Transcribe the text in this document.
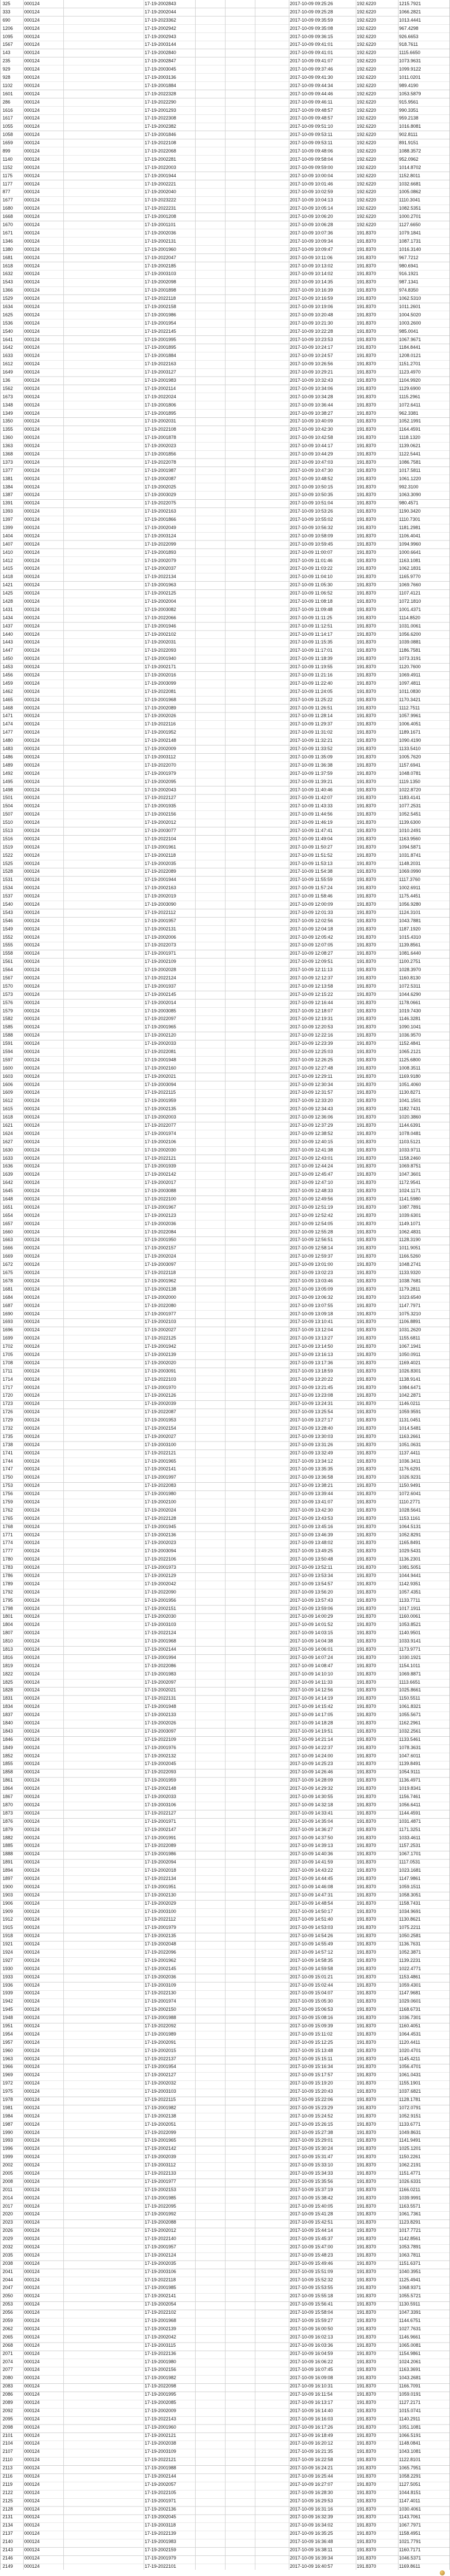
325	000124	17-19-2002843	2017-10-09 09:25:26	192.6220	1215.7921
333	000124	17-19-2002044	2017-10-09 09:25:28	192.6220	1066.2821
690	000124	17-19-2023362	2017-10-09 09:35:59	192.6220	1013.4441
1206	000124	17-19-2002942	2017-10-09 09:35:08	192.6220	967.4298
1095	000124	17-19-2002943	2017-10-09 09:36:15	192.6220	926.6653
1567	000124	17-19-2003144	2017-10-09 09:41:01	192.6220	918.7611
143	000124	17-19-2002840	2017-10-09 09:41:01	192.6220	1115.6650
235	000124	17-19-2002847	2017-10-09 09:41:07	192.6220	1073.9631
929	000124	17-19-2003045	2017-10-09 09:37:46	192.6220	1099.9122
928	000124	17-19-2003136	2017-10-09 09:41:30	192.6220	1011.0201
1102	000124	17-19-2001884	2017-10-09 09:44:34	192.6220	989.4190
1601	000124	17-19-2022328	2017-10-09 09:44:46	192.6220	1053.5879
286	000124	17-19-2022290	2017-10-09 09:46:11	192.6220	915.9561
1616	000124	17-19-2001293	2017-10-09 09:48:57	192.6220	990.3351
1617	000124	17-19-2022308	2017-10-09 09:48:57	192.6220	959.2138
1055	000124	17-19-2002382	2017-10-09 09:51:10	192.6220	1016.8081
1058	000124	17-19-2001846	2017-10-09 09:53:11	192.6220	902.8111
1659	000124	17-19-2022108	2017-10-09 09:53:11	192.6220	891.9151
899	000124	17-19-2022068	2017-10-09 09:48:06	192.6220	1088.3572
1140	000124	17-19-2002281	2017-10-09 09:58:04	192.6220	952.0962
1152	000124	17-19-2022003	2017-10-09 09:59:00	192.6220	1014.8702
1175	000124	17-19-2001944	2017-10-09 10:00:04	192.6220	1152.8011
1177	000124	17-19-2002221	2017-10-09 10:01:46	192.6220	1032.6681
877	000124	17-19-2002040	2017-10-09 10:02:59	192.6220	1005.0862
1677	000124	17-19-2023222	2017-10-09 10:04:13	192.6220	1110.3041
1680	000124	17-19-2022231	2017-10-09 10:05:14	192.6220	1082.5351
1668	000124	17-19-2001208	2017-10-09 10:06:20	192.6220	1000.2701
1670	000124	17-19-2001101	2017-10-09 10:06:28	192.6220	1127.6650
1671	000124	17-19-2002036	2017-10-09 10:07:36	191.8370	1079.1841
1346	000124	17-19-2002131	2017-10-09 10:09:34	191.8370	1087.1731
1380	000124	17-19-2001960	2017-10-09 10:09:47	191.8370	1016.3140
1681	000124	17-19-2022047	2017-10-09 10:11:06	191.8370	967.7212
1618	000124	17-19-2002185	2017-10-09 10:13:02	191.8370	980.6941
1632	000124	17-19-2003103	2017-10-09 10:14:02	191.8370	916.1921
1543	000124	17-19-2002098	2017-10-09 10:14:35	191.8370	987.1341
1366	000124	17-19-2001898	2017-10-09 10:16:39	191.8370	974.8350
1529	000124	17-19-2022118	2017-10-09 10:16:59	191.8370	1062.5310
1634	000124	17-19-2002158	2017-10-09 10:19:06	191.8370	1011.2601
1625	000124	17-19-2001986	2017-10-09 10:20:48	191.8370	1004.5020
1536	000124	17-19-2001954	2017-10-09 10:21:30	191.8370	1003.2600
1540	000124	17-19-2022145	2017-10-09 10:22:28	191.8370	985.0041
1641	000124	17-19-2001995	2017-10-09 10:23:53	191.8370	1067.9671
1642	000124	17-19-2001895	2017-10-09 10:24:17	191.8370	1184.8441
1633	000124	17-19-2001884	2017-10-09 10:24:57	191.8370	1208.0121
1612	000124	17-19-2022163	2017-10-09 10:26:56	191.8370	1151.2701
1649	000124	17-19-2003127	2017-10-09 10:29:21	191.8370	1123.4970
136	000124	17-19-2001983	2017-10-09 10:32:43	191.8370	1104.9920
1562	000124	17-19-2002114	2017-10-09 10:34:06	191.8370	1129.6900
1673	000124	17-19-2022024	2017-10-09 10:34:28	191.8370	1115.2961
1348	000124	17-19-2001806	2017-10-09 10:36:44	191.8370	1072.6411
1349	000124	17-19-2001895	2017-10-09 10:38:27	191.8370	962.3381
1350	000124	17-19-2002031	2017-10-09 10:40:09	191.8370	1052.1991
1355	000124	17-19-2022108	2017-10-09 10:42:30	191.8370	1164.4591
1360	000124	17-19-2001878	2017-10-09 10:42:58	191.8370	1118.1320
1363	000124	17-19-2002023	2017-10-09 10:44:17	191.8370	1139.0621
1368	000124	17-19-2001856	2017-10-09 10:44:29	191.8370	1122.5441
1373	000124	17-19-2022078	2017-10-09 10:47:03	191.8370	1086.7581
1377	000124	17-19-2001987	2017-10-09 10:47:30	191.8370	1017.5811
1381	000124	17-19-2002087	2017-10-09 10:48:52	191.8370	1061.1220
1384	000124	17-19-2002025	2017-10-09 10:50:15	191.8370	992.3100
1387	000124	17-19-2003029	2017-10-09 10:50:35	191.8370	1063.3090
1391	000124	17-19-2022075	2017-10-09 10:51:04	191.8370	980.4571
1393	000124	17-19-2002163	2017-10-09 10:53:26	191.8370	1190.3420
1397	000124	17-19-2001866	2017-10-09 10:55:02	191.8370	1110.7301
1399	000124	17-19-2002049	2017-10-09 10:56:32	191.8370	1181.2981
1404	000124	17-19-2003124	2017-10-09 10:58:09	191.8370	1106.4041
1407	000124	17-19-2022099	2017-10-09 10:59:45	191.8370	1094.9960
1410	000124	17-19-2001893	2017-10-09 11:00:07	191.8370	1000.6641
1412	000124	17-19-2002079	2017-10-09 11:01:46	191.8370	1163.1081
1415	000124	17-19-2002037	2017-10-09 11:03:22	191.8370	1062.1831
1418	000124	17-19-2022134	2017-10-09 11:04:10	191.8370	1165.9770
1421	000124	17-19-2001963	2017-10-09 11:05:30	191.8370	1069.7660
1425	000124	17-19-2002125	2017-10-09 11:06:52	191.8370	1107.4121
1428	000124	17-19-2002004	2017-10-09 11:08:18	191.8370	1072.1810
1431	000124	17-19-2003082	2017-10-09 11:09:48	191.8370	1001.4371
1434	000124	17-19-2022066	2017-10-09 11:11:25	191.8370	1114.8520
1437	000124	17-19-2001946	2017-10-09 11:12:51	191.8370	1031.0061
1440	000124	17-19-2002102	2017-10-09 11:14:17	191.8370	1056.6200
1443	000124	17-19-2002031	2017-10-09 11:15:35	191.8370	1039.0881
1447	000124	17-19-2022093	2017-10-09 11:17:01	191.8370	1186.7581
1450	000124	17-19-2001940	2017-10-09 11:18:39	191.8370	1073.3191
1453	000124	17-19-2002171	2017-10-09 11:19:55	191.8370	1120.7600
1456	000124	17-19-2002016	2017-10-09 11:21:16	191.8370	1069.4911
1459	000124	17-19-2003099	2017-10-09 11:22:40	191.8370	1097.4811
1462	000124	17-19-2022081	2017-10-09 11:24:05	191.8370	1011.0830
1465	000124	17-19-2001968	2017-10-09 11:25:22	191.8370	1170.3421
1468	000124	17-19-2002089	2017-10-09 11:26:51	191.8370	1112.7511
1471	000124	17-19-2002026	2017-10-09 11:28:14	191.8370	1057.9961
1474	000124	17-19-2022116	2017-10-09 11:29:37	191.8370	1006.4051
1477	000124	17-19-2001952	2017-10-09 11:31:02	191.8370	1189.1671
1480	000124	17-19-2002148	2017-10-09 11:32:21	191.8370	1090.4190
1483	000124	17-19-2002009	2017-10-09 11:33:52	191.8370	1133.5410
1486	000124	17-19-2003112	2017-10-09 11:35:09	191.8370	1005.7620
1489	000124	17-19-2022070	2017-10-09 11:36:38	191.8370	1157.6941
1492	000124	17-19-2001979	2017-10-09 11:37:59	191.8370	1048.0781
1495	000124	17-19-2002095	2017-10-09 11:39:21	191.8370	1119.1350
1498	000124	17-19-2002043	2017-10-09 11:40:46	191.8370	1022.8720
1501	000124	17-19-2022127	2017-10-09 11:42:07	191.8370	1183.4141
1504	000124	17-19-2001935	2017-10-09 11:43:33	191.8370	1077.2531
1507	000124	17-19-2002156	2017-10-09 11:44:56	191.8370	1052.5451
1510	000124	17-19-2002012	2017-10-09 11:46:19	191.8370	1139.6300
1513	000124	17-19-2003077	2017-10-09 11:47:41	191.8370	1010.2491
1516	000124	17-19-2022104	2017-10-09 11:49:04	191.8370	1163.9560
1519	000124	17-19-2001961	2017-10-09 11:50:27	191.8370	1094.5871
1522	000124	17-19-2002118	2017-10-09 11:51:52	191.8370	1031.8741
1525	000124	17-19-2002035	2017-10-09 11:53:13	191.8370	1148.2031
1528	000124	17-19-2022089	2017-10-09 11:54:38	191.8370	1069.0990
1531	000124	17-19-2001944	2017-10-09 11:55:59	191.8370	1117.3760
1534	000124	17-19-2002163	2017-10-09 11:57:24	191.8370	1002.6911
1537	000124	17-19-2002019	2017-10-09 11:58:46	191.8370	1175.4451
1540	000124	17-19-2003090	2017-10-09 12:00:09	191.8370	1056.9280
1543	000124	17-19-2022112	2017-10-09 12:01:33	191.8370	1124.3101
1546	000124	17-19-2001957	2017-10-09 12:02:56	191.8370	1043.7881
1549	000124	17-19-2002131	2017-10-09 12:04:18	191.8370	1187.1920
1552	000124	17-19-2002006	2017-10-09 12:05:42	191.8370	1015.4310
1555	000124	17-19-2022073	2017-10-09 12:07:05	191.8370	1139.8561
1558	000124	17-19-2001971	2017-10-09 12:08:27	191.8370	1081.6440
1561	000124	17-19-2002109	2017-10-09 12:09:51	191.8370	1100.2751
1564	000124	17-19-2002028	2017-10-09 12:11:13	191.8370	1028.3970
1567	000124	17-19-2022124	2017-10-09 12:12:37	191.8370	1160.8130
1570	000124	17-19-2001937	2017-10-09 12:13:58	191.8370	1072.5311
1573	000124	17-19-2002145	2017-10-09 12:15:22	191.8370	1044.6290
1576	000124	17-19-2002014	2017-10-09 12:16:44	191.8370	1178.0661
1579	000124	17-19-2003085	2017-10-09 12:18:07	191.8370	1019.7430
1582	000124	17-19-2022097	2017-10-09 12:19:31	191.8370	1146.3281
1585	000124	17-19-2001965	2017-10-09 12:20:53	191.8370	1090.1041
1588	000124	17-19-2002120	2017-10-09 12:22:16	191.8370	1036.9570
1591	000124	17-19-2002033	2017-10-09 12:23:39	191.8370	1152.4841
1594	000124	17-19-2022081	2017-10-09 12:25:03	191.8370	1065.2121
1597	000124	17-19-2001948	2017-10-09 12:26:25	191.8370	1125.6800
1600	000124	17-19-2002160	2017-10-09 12:27:48	191.8370	1008.3511
1603	000124	17-19-2002021	2017-10-09 12:29:11	191.8370	1169.9180
1606	000124	17-19-2003094	2017-10-09 12:30:34	191.8370	1051.4060
1609	000124	17-19-2022115	2017-10-09 12:31:57	191.8370	1130.8271
1612	000124	17-19-2001959	2017-10-09 12:33:20	191.8370	1041.1501
1615	000124	17-19-2002135	2017-10-09 12:34:43	191.8370	1182.7431
1618	000124	17-19-2002003	2017-10-09 12:36:06	191.8370	1020.3860
1621	000124	17-19-2022077	2017-10-09 12:37:29	191.8370	1144.6391
1624	000124	17-19-2001974	2017-10-09 12:38:52	191.8370	1078.0481
1627	000124	17-19-2002106	2017-10-09 12:40:15	191.8370	1103.5121
1630	000124	17-19-2002030	2017-10-09 12:41:38	191.8370	1033.9711
1633	000124	17-19-2022121	2017-10-09 12:43:01	191.8370	1158.2460
1636	000124	17-19-2001939	2017-10-09 12:44:24	191.8370	1069.8751
1639	000124	17-19-2002142	2017-10-09 12:45:47	191.8370	1047.3601
1642	000124	17-19-2002017	2017-10-09 12:47:10	191.8370	1172.9541
1645	000124	17-19-2003088	2017-10-09 12:48:33	191.8370	1024.1171
1648	000124	17-19-2022100	2017-10-09 12:49:56	191.8370	1141.5980
1651	000124	17-19-2001967	2017-10-09 12:51:19	191.8370	1087.7891
1654	000124	17-19-2002123	2017-10-09 12:52:42	191.8370	1039.6301
1657	000124	17-19-2002036	2017-10-09 12:54:05	191.8370	1149.1071
1660	000124	17-19-2022084	2017-10-09 12:55:28	191.8370	1062.4831
1663	000124	17-19-2001950	2017-10-09 12:56:51	191.8370	1128.3190
1666	000124	17-19-2002157	2017-10-09 12:58:14	191.8370	1011.9051
1669	000124	17-19-2002024	2017-10-09 12:59:37	191.8370	1166.5260
1672	000124	17-19-2003097	2017-10-09 13:01:00	191.8370	1048.2741
1675	000124	17-19-2022118	2017-10-09 13:02:23	191.8370	1133.9320
1678	000124	17-19-2001962	2017-10-09 13:03:46	191.8370	1038.7681
1681	000124	17-19-2002138	2017-10-09 13:05:09	191.8370	1179.2811
1684	000124	17-19-2002000	2017-10-09 13:06:32	191.8370	1023.6540
1687	000124	17-19-2022080	2017-10-09 13:07:55	191.8370	1147.7971
1690	000124	17-19-2001977	2017-10-09 13:09:18	191.8370	1075.3210
1693	000124	17-19-2002103	2017-10-09 13:10:41	191.8370	1106.8891
1696	000124	17-19-2002027	2017-10-09 13:12:04	191.8370	1031.2620
1699	000124	17-19-2022125	2017-10-09 13:13:27	191.8370	1155.6811
1702	000124	17-19-2001942	2017-10-09 13:14:50	191.8370	1067.1941
1705	000124	17-19-2002139	2017-10-09 13:16:13	191.8370	1050.0911
1708	000124	17-19-2002020	2017-10-09 13:17:36	191.8370	1169.4021
1711	000124	17-19-2003091	2017-10-09 13:18:59	191.8370	1026.8301
1714	000124	17-19-2022103	2017-10-09 13:20:22	191.8370	1138.9141
1717	000124	17-19-2001970	2017-10-09 13:21:45	191.8370	1084.6471
1720	000124	17-19-2002126	2017-10-09 13:23:08	191.8370	1042.2871
1723	000124	17-19-2002039	2017-10-09 13:24:31	191.8370	1146.0211
1726	000124	17-19-2022087	2017-10-09 13:25:54	191.8370	1059.9591
1729	000124	17-19-2001953	2017-10-09 13:27:17	191.8370	1131.0451
1732	000124	17-19-2002154	2017-10-09 13:28:40	191.8370	1014.5481
1735	000124	17-19-2002027	2017-10-09 13:30:03	191.8370	1163.2661
1738	000124	17-19-2003100	2017-10-09 13:31:26	191.8370	1051.0631
1741	000124	17-19-2022121	2017-10-09 13:32:49	191.8370	1137.4411
1744	000124	17-19-2001965	2017-10-09 13:34:12	191.8370	1036.3411
1747	000124	17-19-2002141	2017-10-09 13:35:35	191.8370	1176.6291
1750	000124	17-19-2001997	2017-10-09 13:36:58	191.8370	1026.9231
1753	000124	17-19-2022083	2017-10-09 13:38:21	191.8370	1150.9491
1756	000124	17-19-2001980	2017-10-09 13:39:44	191.8370	1072.6041
1759	000124	17-19-2002100	2017-10-09 13:41:07	191.8370	1110.2771
1762	000124	17-19-2002024	2017-10-09 13:42:30	191.8370	1028.5641
1765	000124	17-19-2022128	2017-10-09 13:43:53	191.8370	1153.1161
1768	000124	17-19-2001945	2017-10-09 13:45:16	191.8370	1064.5131
1771	000124	17-19-2002136	2017-10-09 13:46:39	191.8370	1052.8291
1774	000124	17-19-2002023	2017-10-09 13:48:02	191.8370	1165.8491
1777	000124	17-19-2003094	2017-10-09 13:49:25	191.8370	1029.5431
1780	000124	17-19-2022106	2017-10-09 13:50:48	191.8370	1136.2301
1783	000124	17-19-2001973	2017-10-09 13:52:11	191.8370	1081.5051
1786	000124	17-19-2002129	2017-10-09 13:53:34	191.8370	1044.9441
1789	000124	17-19-2002042	2017-10-09 13:54:57	191.8370	1142.9351
1792	000124	17-19-2022090	2017-10-09 13:56:20	191.8370	1057.4351
1795	000124	17-19-2001956	2017-10-09 13:57:43	191.8370	1133.7711
1798	000124	17-19-2002151	2017-10-09 13:59:06	191.8370	1017.1911
1801	000124	17-19-2002030	2017-10-09 14:00:29	191.8370	1160.0061
1804	000124	17-19-2003103	2017-10-09 14:01:52	191.8370	1053.8521
1807	000124	17-19-2022124	2017-10-09 14:03:15	191.8370	1140.9501
1810	000124	17-19-2001968	2017-10-09 14:04:38	191.8370	1033.9141
1813	000124	17-19-2002144	2017-10-09 14:06:01	191.8370	1173.9771
1816	000124	17-19-2001994	2017-10-09 14:07:24	191.8370	1030.1921
1819	000124	17-19-2022086	2017-10-09 14:08:47	191.8370	1154.1011
1822	000124	17-19-2001983	2017-10-09 14:10:10	191.8370	1069.8871
1825	000124	17-19-2002097	2017-10-09 14:11:33	191.8370	1113.6651
1828	000124	17-19-2002021	2017-10-09 14:12:56	191.8370	1025.8661
1831	000124	17-19-2022131	2017-10-09 14:14:19	191.8370	1150.5511
1834	000124	17-19-2001948	2017-10-09 14:15:42	191.8370	1061.8321
1837	000124	17-19-2002133	2017-10-09 14:17:05	191.8370	1055.5671
1840	000124	17-19-2002026	2017-10-09 14:18:28	191.8370	1162.2961
1843	000124	17-19-2003097	2017-10-09 14:19:51	191.8370	1032.2561
1846	000124	17-19-2022109	2017-10-09 14:21:14	191.8370	1133.5461
1849	000124	17-19-2001976	2017-10-09 14:22:37	191.8370	1078.3631
1852	000124	17-19-2002132	2017-10-09 14:24:00	191.8370	1047.6011
1855	000124	17-19-2002045	2017-10-09 14:25:23	191.8370	1139.8491
1858	000124	17-19-2022093	2017-10-09 14:26:46	191.8370	1054.9111
1861	000124	17-19-2001959	2017-10-09 14:28:09	191.8370	1136.4971
1864	000124	17-19-2002148	2017-10-09 14:29:32	191.8370	1019.8341
1867	000124	17-19-2002033	2017-10-09 14:30:55	191.8370	1156.7461
1870	000124	17-19-2003106	2017-10-09 14:32:18	191.8370	1056.6411
1873	000124	17-19-2022127	2017-10-09 14:33:41	191.8370	1144.4591
1876	000124	17-19-2001971	2017-10-09 14:35:04	191.8370	1031.4871
1879	000124	17-19-2002147	2017-10-09 14:36:27	191.8370	1171.3251
1882	000124	17-19-2001991	2017-10-09 14:37:50	191.8370	1033.4611
1885	000124	17-19-2022089	2017-10-09 14:39:13	191.8370	1157.2531
1888	000124	17-19-2001986	2017-10-09 14:40:36	191.8370	1067.1701
1891	000124	17-19-2002094	2017-10-09 14:41:59	191.8370	1117.0531
1894	000124	17-19-2002018	2017-10-09 14:43:22	191.8370	1023.1681
1897	000124	17-19-2022134	2017-10-09 14:44:45	191.8370	1147.9861
1900	000124	17-19-2001951	2017-10-09 14:46:08	191.8370	1059.1511
1903	000124	17-19-2002130	2017-10-09 14:47:31	191.8370	1058.3051
1906	000124	17-19-2002029	2017-10-09 14:48:54	191.8370	1158.7431
1909	000124	17-19-2003100	2017-10-09 14:50:17	191.8370	1034.9691
1912	000124	17-19-2022112	2017-10-09 14:51:40	191.8370	1130.8621
1915	000124	17-19-2001979	2017-10-09 14:53:03	191.8370	1075.2211
1918	000124	17-19-2002135	2017-10-09 14:54:26	191.8370	1050.2581
1921	000124	17-19-2002048	2017-10-09 14:55:49	191.8370	1136.7631
1924	000124	17-19-2022096	2017-10-09 14:57:12	191.8370	1052.3871
1927	000124	17-19-2001962	2017-10-09 14:58:35	191.8370	1139.2231
1930	000124	17-19-2002145	2017-10-09 14:59:58	191.8370	1022.4771
1933	000124	17-19-2002036	2017-10-09 15:01:21	191.8370	1153.4861
1936	000124	17-19-2003109	2017-10-09 15:02:44	191.8370	1059.4301
1939	000124	17-19-2022130	2017-10-09 15:04:07	191.8370	1147.9681
1942	000124	17-19-2001974	2017-10-09 15:05:30	191.8370	1029.0601
1945	000124	17-19-2002150	2017-10-09 15:06:53	191.8370	1168.6731
1948	000124	17-19-2001988	2017-10-09 15:08:16	191.8370	1036.7301
1951	000124	17-19-2022092	2017-10-09 15:09:39	191.8370	1160.4051
1954	000124	17-19-2001989	2017-10-09 15:11:02	191.8370	1064.4531
1957	000124	17-19-2002091	2017-10-09 15:12:25	191.8370	1120.4411
1960	000124	17-19-2002015	2017-10-09 15:13:48	191.8370	1020.4701
1963	000124	17-19-2022137	2017-10-09 15:15:11	191.8370	1145.4211
1966	000124	17-19-2001954	2017-10-09 15:16:34	191.8370	1056.4701
1969	000124	17-19-2002127	2017-10-09 15:17:57	191.8370	1061.0431
1972	000124	17-19-2002032	2017-10-09 15:19:20	191.8370	1155.1901
1975	000124	17-19-2003103	2017-10-09 15:20:43	191.8370	1037.6821
1978	000124	17-19-2022115	2017-10-09 15:22:06	191.8370	1128.1781
1981	000124	17-19-2001982	2017-10-09 15:23:29	191.8370	1072.0791
1984	000124	17-19-2002138	2017-10-09 15:24:52	191.8370	1052.9151
1987	000124	17-19-2002051	2017-10-09 15:26:15	191.8370	1133.6771
1990	000124	17-19-2022099	2017-10-09 15:27:38	191.8370	1049.8631
1993	000124	17-19-2001965	2017-10-09 15:29:01	191.8370	1141.9491
1996	000124	17-19-2002142	2017-10-09 15:30:24	191.8370	1025.1201
1999	000124	17-19-2002039	2017-10-09 15:31:47	191.8370	1150.2261
2002	000124	17-19-2003112	2017-10-09 15:33:10	191.8370	1062.2191
2005	000124	17-19-2022133	2017-10-09 15:34:33	191.8370	1151.4771
2008	000124	17-19-2001977	2017-10-09 15:35:56	191.8370	1026.6331
2011	000124	17-19-2002153	2017-10-09 15:37:19	191.8370	1166.0211
2014	000124	17-19-2001985	2017-10-09 15:38:42	191.8370	1039.9991
2017	000124	17-19-2022095	2017-10-09 15:40:05	191.8370	1163.5571
2020	000124	17-19-2001992	2017-10-09 15:41:28	191.8370	1061.7361
2023	000124	17-19-2002088	2017-10-09 15:42:51	191.8370	1123.8291
2026	000124	17-19-2002012	2017-10-09 15:44:14	191.8370	1017.7721
2029	000124	17-19-2022140	2017-10-09 15:45:37	191.8370	1142.8561
2032	000124	17-19-2001957	2017-10-09 15:47:00	191.8370	1053.7891
2035	000124	17-19-2002124	2017-10-09 15:48:23	191.8370	1063.7811
2038	000124	17-19-2002035	2017-10-09 15:49:46	191.8370	1151.6371
2041	000124	17-19-2003106	2017-10-09 15:51:09	191.8370	1040.3951
2044	000124	17-19-2022118	2017-10-09 15:52:32	191.8370	1125.4941
2047	000124	17-19-2001985	2017-10-09 15:53:55	191.8370	1068.9371
2050	000124	17-19-2002141	2017-10-09 15:55:18	191.8370	1055.5721
2053	000124	17-19-2002054	2017-10-09 15:56:41	191.8370	1130.5911
2056	000124	17-19-2022102	2017-10-09 15:58:04	191.8370	1047.3391
2059	000124	17-19-2001968	2017-10-09 15:59:27	191.8370	1144.6751
2062	000124	17-19-2002139	2017-10-09 16:00:50	191.8370	1027.7631
2065	000124	17-19-2002042	2017-10-09 16:02:13	191.8370	1146.9661
2068	000124	17-19-2003115	2017-10-09 16:03:36	191.8370	1065.0081
2071	000124	17-19-2022136	2017-10-09 16:04:59	191.8370	1154.9861
2074	000124	17-19-2001980	2017-10-09 16:06:22	191.8370	1024.2061
2077	000124	17-19-2002156	2017-10-09 16:07:45	191.8370	1163.3691
2080	000124	17-19-2001982	2017-10-09 16:09:08	191.8370	1043.2681
2083	000124	17-19-2022098	2017-10-09 16:10:31	191.8370	1166.7091
2086	000124	17-19-2001995	2017-10-09 16:11:54	191.8370	1059.0191
2089	000124	17-19-2002085	2017-10-09 16:13:17	191.8370	1127.2171
2092	000124	17-19-2002009	2017-10-09 16:14:40	191.8370	1015.0741
2095	000124	17-19-2022143	2017-10-09 16:16:03	191.8370	1140.2911
2098	000124	17-19-2001960	2017-10-09 16:17:26	191.8370	1051.1081
2101	000124	17-19-2002121	2017-10-09 16:18:49	191.8370	1066.5191
2104	000124	17-19-2002038	2017-10-09 16:20:12	191.8370	1148.0841
2107	000124	17-19-2003109	2017-10-09 16:21:35	191.8370	1043.1081
2110	000124	17-19-2022121	2017-10-09 16:22:58	191.8370	1122.8101
2113	000124	17-19-2001988	2017-10-09 16:24:21	191.8370	1065.7951
2116	000124	17-19-2002144	2017-10-09 16:25:44	191.8370	1058.2291
2119	000124	17-19-2002057	2017-10-09 16:27:07	191.8370	1127.5051
2122	000124	17-19-2022105	2017-10-09 16:28:30	191.8370	1044.8151
2125	000124	17-19-2001971	2017-10-09 16:29:53	191.8370	1147.4011
2128	000124	17-19-2002136	2017-10-09 16:31:16	191.8370	1030.4061
2131	000124	17-19-2002045	2017-10-09 16:32:39	191.8370	1143.7061
2134	000124	17-19-2003118	2017-10-09 16:34:02	191.8370	1067.7971
2137	000124	17-19-2022139	2017-10-09 16:35:25	191.8370	1158.4951
2140	000124	17-19-2001983	2017-10-09 16:36:48	191.8370	1021.7791
2143	000124	17-19-2002159	2017-10-09 16:38:11	191.8370	1160.7171
2146	000124	17-19-2001979	2017-10-09 16:39:34	191.8370	1046.5371
2149	000124	17-19-2022101	2017-10-09 16:40:57	191.8370	1169.8611
